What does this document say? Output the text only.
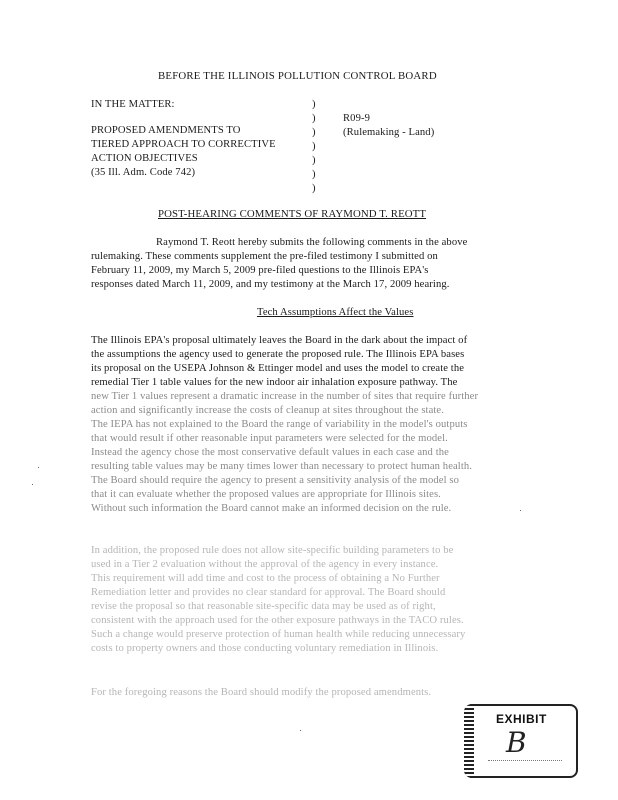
BEFORE THE ILLINOIS POLLUTION CONTROL BOARD
IN THE MATTER:
PROPOSED AMENDMENTS TO
TIERED APPROACH TO CORRECTIVE
ACTION OBJECTIVES
(35 Ill. Adm. Code 742)
)
)
)
)
)
)
)
R09-9
(Rulemaking - Land)
POST-HEARING COMMENTS OF RAYMOND T. REOTT
Raymond T. Reott hereby submits the following comments in the above
rulemaking. These comments supplement the pre-filed testimony I submitted on
February 11, 2009, my March 5, 2009 pre-filed questions to the Illinois EPA's
responses dated March 11, 2009, and my testimony at the March 17, 2009 hearing.
Tech Assumptions Affect the Values
The Illinois EPA's proposal ultimately leaves the Board in the dark about the impact of
the assumptions the agency used to generate the proposed rule. The Illinois EPA bases
its proposal on the USEPA Johnson & Ettinger model and uses the model to create the
remedial Tier 1 table values for the new indoor air inhalation exposure pathway. The
new Tier 1 values represent a dramatic increase in the number of sites that require further
action and significantly increase the costs of cleanup at sites throughout the state.
The IEPA has not explained to the Board the range of variability in the model's outputs
that would result if other reasonable input parameters were selected for the model.
Instead the agency chose the most conservative default values in each case and the
resulting table values may be many times lower than necessary to protect human health.
The Board should require the agency to present a sensitivity analysis of the model so
that it can evaluate whether the proposed values are appropriate for Illinois sites.
Without such information the Board cannot make an informed decision on the rule.
In addition, the proposed rule does not allow site-specific building parameters to be
used in a Tier 2 evaluation without the approval of the agency in every instance.
This requirement will add time and cost to the process of obtaining a No Further
Remediation letter and provides no clear standard for approval. The Board should
revise the proposal so that reasonable site-specific data may be used as of right,
consistent with the approach used for the other exposure pathways in the TACO rules.
Such a change would preserve protection of human health while reducing unnecessary
costs to property owners and those conducting voluntary remediation in Illinois.
For the foregoing reasons the Board should modify the proposed amendments.
EXHIBIT
B
